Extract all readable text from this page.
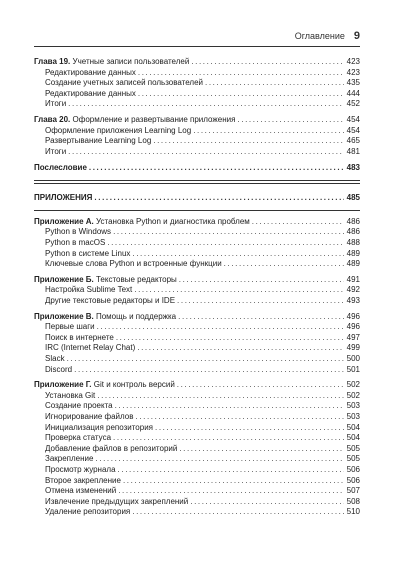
Оглавление 9
Глава 19. Учетные записи пользователей .....	423
Редактирование данных .....	423
Создание учетных записей пользователей .....	435
Редактирование данных .....	444
Итоги .....	452
Глава 20. Оформление и развертывание приложения .....	454
Оформление приложения Learning Log .....	454
Развертывание Learning Log .....	465
Итоги .....	481
Послесловие .....	483
ПРИЛОЖЕНИЯ .....	485
Приложение А. Установка Python и диагностика проблем .....	486
Python в Windows .....	486
Python в macOS .....	488
Python в системе Linux .....	489
Ключевые слова Python и встроенные функции .....	489
Приложение Б. Текстовые редакторы .....	491
Настройка Sublime Text .....	492
Другие текстовые редакторы и IDE .....	493
Приложение В. Помощь и поддержка .....	496
Первые шаги .....	496
Поиск в интернете .....	497
IRC (Internet Relay Chat) .....	499
Slack .....	500
Discord .....	501
Приложение Г. Git и контроль версий .....	502
Установка Git .....	502
Создание проекта .....	503
Игнорирование файлов .....	503
Инициализация репозитория .....	504
Проверка статуса .....	504
Добавление файлов в репозиторий .....	505
Закрепление .....	505
Просмотр журнала .....	506
Второе закрепление .....	506
Отмена изменений .....	507
Извлечение предыдущих закреплений .....	508
Удаление репозитория .....	510
